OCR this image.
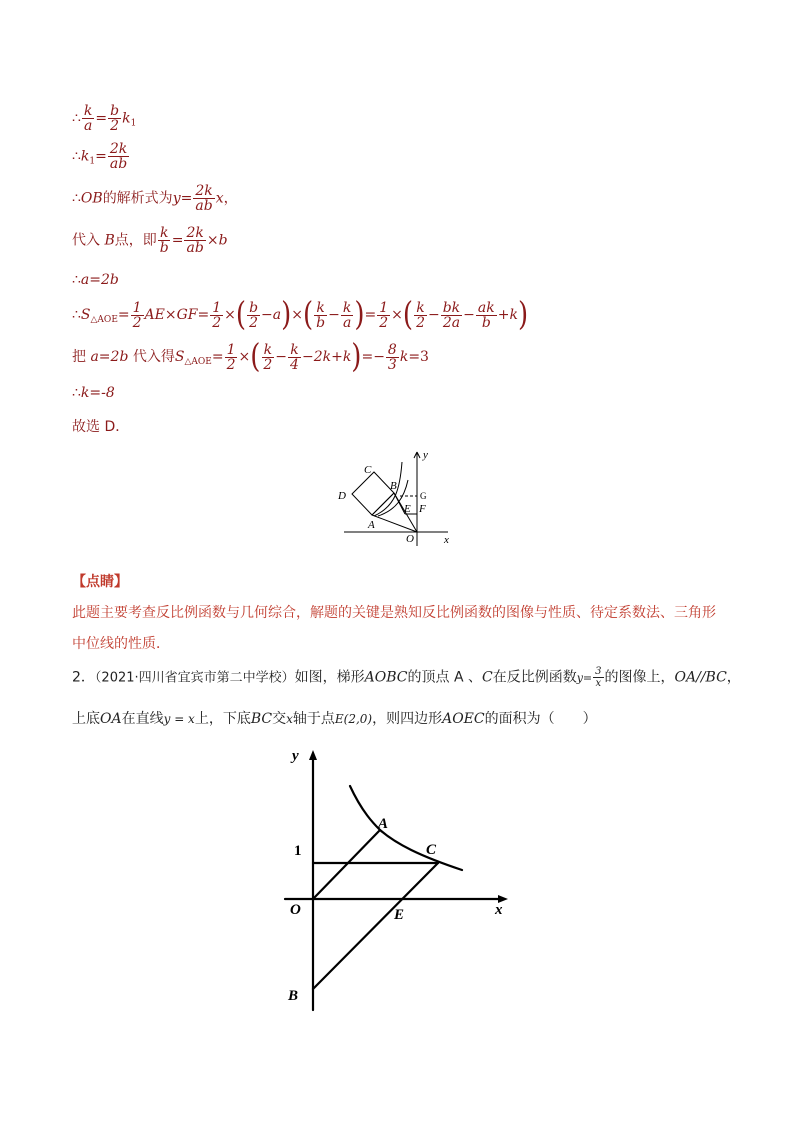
∴ $\frac{k}{a} = \frac{b}{2} k_1$
$\therefore k_1= \frac{2k}{ab}$
∴OB的解析式为$y= \frac{2k}{ab}$ x，
代入 B点，即 $\frac{k}{b} = \frac{2k}{ab} \times b$
∴a=2b
$\therefore S_{\triangle AOE}= \frac{1}{2} AE\times GF= \frac{1}{2}$ ×( $\frac{b}{2} -a)\times( \frac{k}{b} - \frac{k}{a}$ )= $\frac{1}{2}$ ×( $\frac{k}{2} - \frac{bk}{2a} - \frac{ak}{b} +k$)
把 a=2b 代入得$S_{\triangle AOE}= \frac{1}{2}$ ×( $\frac{k}{2} - \frac{k}{4} -2k+k)=- \frac{8}{3} k=3$
∴k=-8
故选 D．
C
D
B
E F
G
A
O	x
y
【点睛】
此题主要考查反比例函数与几何综合，解题的关键是熟知反比例函数的图像与性质、待定系数法、三角形
中位线的性质．
2．（2021·四川省宜宾市第二中学校）如图，梯形AOBC的顶点 A 、C在反比例函数$y= \frac{3}{x}$ 的图像上，OA//BC，
上底OA在直线y = x上，下底BC交x轴于点E(2,0)，则四边形AOEC的面积为（　　）
y
x
O
1
A
C
E
B
